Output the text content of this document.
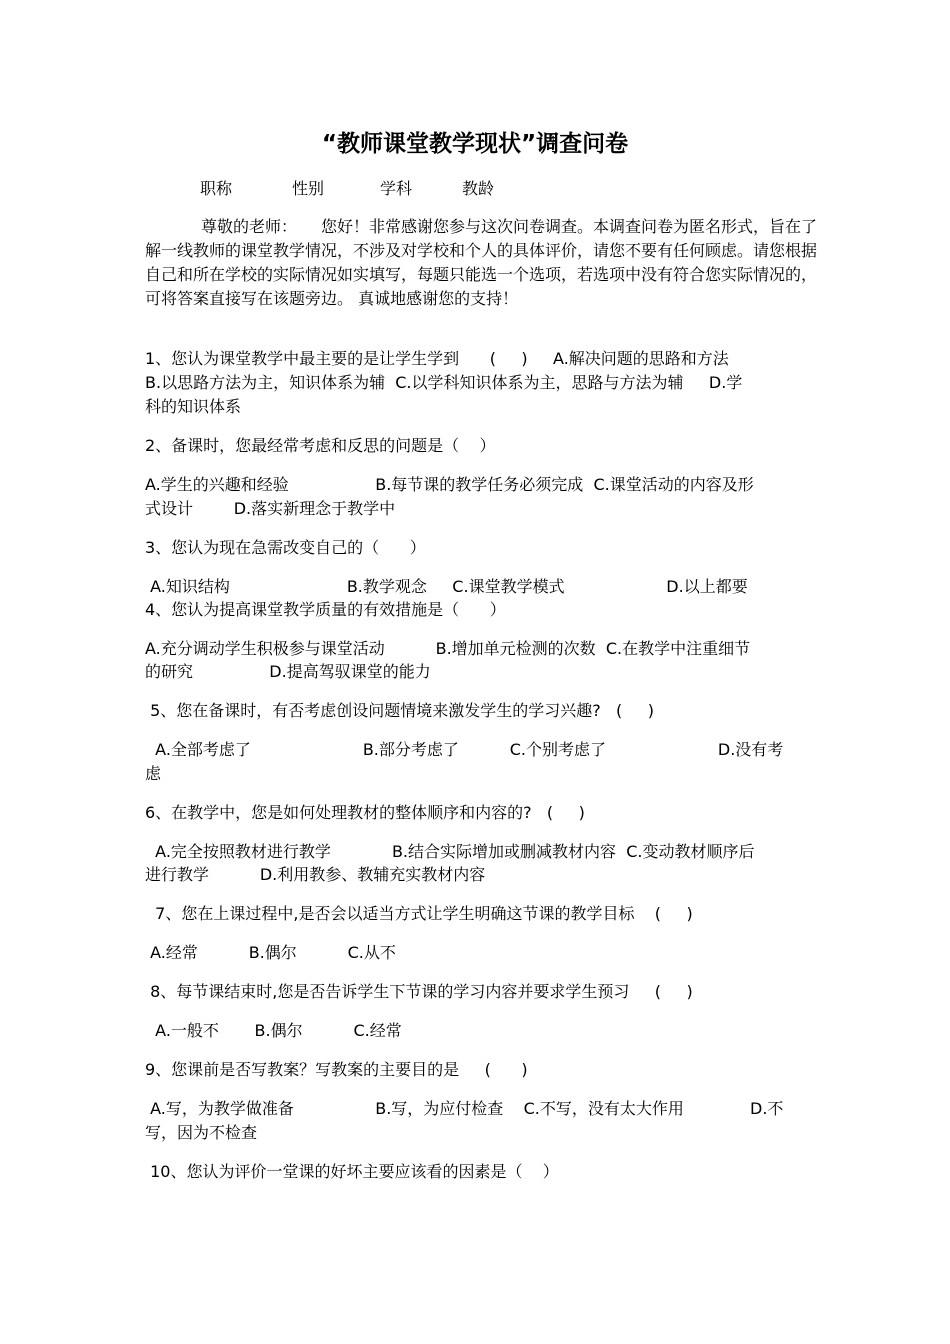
“教师课堂教学现状”调查问卷
职称	性别	学科	教龄
尊敬的老师：　　您好！非常感谢您参与这次问卷调查。本调查问卷为匿名形式，旨在了解一线教师的课堂教学情况，不涉及对学校和个人的具体评价，请您不要有任何顾虑。请您根据自己和所在学校的实际情况如实填写，每题只能选一个选项，若选项中没有符合您实际情况的，可将答案直接写在该题旁边。 真诚地感谢您的支持！
1、您认为课堂教学中最主要的是让学生学到      (     )     A.解决问题的思路和方法
B.以思路方法为主，知识体系为辅  C.以学科知识体系为主，思路与方法为辅     D.学
科的知识体系
2、备课时，您最经常考虑和反思的问题是（    ）
A.学生的兴趣和经验                 B.每节课的教学任务必须完成  C.课堂活动的内容及形
式设计        D.落实新理念于教学中
3、您认为现在急需改变自己的（      ）
A.知识结构                       B.教学观念     C.课堂教学模式                    D.以上都要
4、您认为提高课堂教学质量的有效措施是（      ）
A.充分调动学生积极参与课堂活动          B.增加单元检测的次数  C.在教学中注重细节
的研究               D.提高驾驭课堂的能力
5、您在备课时，有否考虑创设问题情境来激发学生的学习兴趣?   (     )
A.全部考虑了                      B.部分考虑了          C.个别考虑了                      D.没有考
虑
6、在教学中，您是如何处理教材的整体顺序和内容的?   (     )
A.完全按照教材进行教学            B.结合实际增加或删减教材内容  C.变动教材顺序后
进行教学          D.利用教参、教辅充实教材内容
7、您在上课过程中,是否会以适当方式让学生明确这节课的教学目标    (     )
A.经常          B.偶尔          C.从不
8、每节课结束时,您是否告诉学生下节课的学习内容并要求学生预习     (     )
A.一般不       B.偶尔          C.经常
9、您课前是否写教案？写教案的主要目的是     (      )
A.写，为教学做准备                B.写，为应付检查    C.不写，没有太大作用             D.不
写，因为不检查
10、您认为评价一堂课的好坏主要应该看的因素是（    ）
